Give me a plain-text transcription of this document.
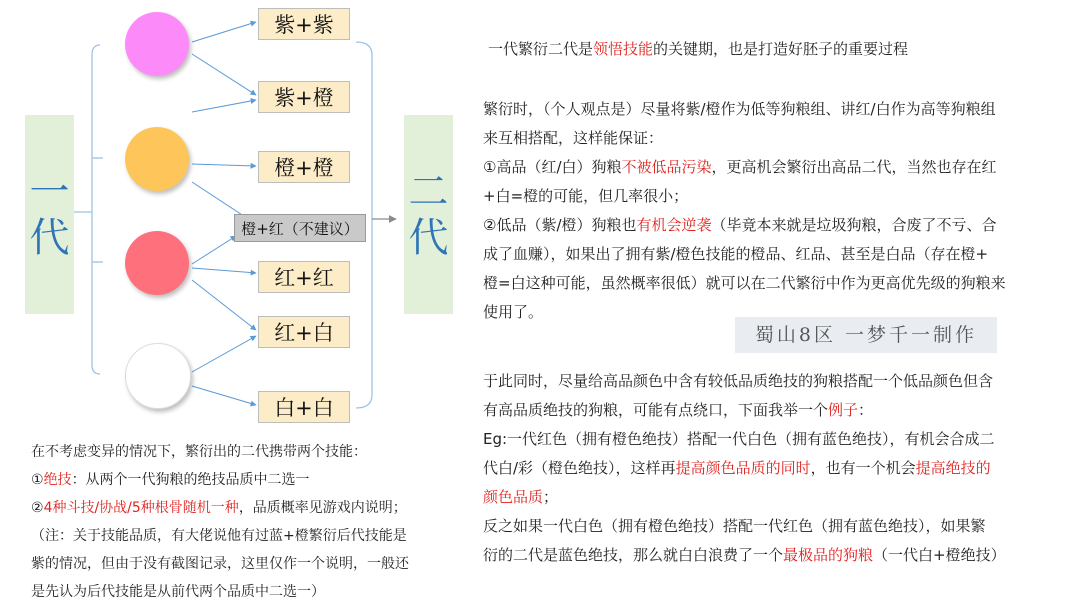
一
代
二
代
紫+紫
紫+橙
橙+橙
橙+红（不建议）
红+红
红+白
白+白
在不考虑变异的情况下，繁衍出的二代携带两个技能：
①绝技：从两个一代狗粮的绝技品质中二选一
②4种斗技/协战/5种根骨随机一种，品质概率见游戏内说明；
（注：关于技能品质，有大佬说他有过蓝+橙繁衍后代技能是
紫的情况，但由于没有截图记录，这里仅作一个说明，一般还
是先认为后代技能是从前代两个品质中二选一）
一代繁衍二代是领悟技能的关键期，也是打造好胚子的重要过程
繁衍时，（个人观点是）尽量将紫/橙作为低等狗粮组、讲红/白作为高等狗粮组
来互相搭配，这样能保证：
①高品（红/白）狗粮不被低品污染，更高机会繁衍出高品二代，当然也存在红
+白=橙的可能，但几率很小；
②低品（紫/橙）狗粮也有机会逆袭（毕竟本来就是垃圾狗粮，合废了不亏、合
成了血赚），如果出了拥有紫/橙色技能的橙品、红品、甚至是白品（存在橙+
橙=白这种可能，虽然概率很低）就可以在二代繁衍中作为更高优先级的狗粮来
使用了。
蜀山8区 一梦千一制作
于此同时，尽量给高品颜色中含有较低品质绝技的狗粮搭配一个低品颜色但含
有高品质绝技的狗粮，可能有点绕口，下面我举一个例子：
Eg:一代红色（拥有橙色绝技）搭配一代白色（拥有蓝色绝技），有机会合成二
代白/彩（橙色绝技），这样再提高颜色品质的同时，也有一个机会提高绝技的
颜色品质；
反之如果一代白色（拥有橙色绝技）搭配一代红色（拥有蓝色绝技），如果繁
衍的二代是蓝色绝技，那么就白白浪费了一个最极品的狗粮（一代白+橙绝技）
